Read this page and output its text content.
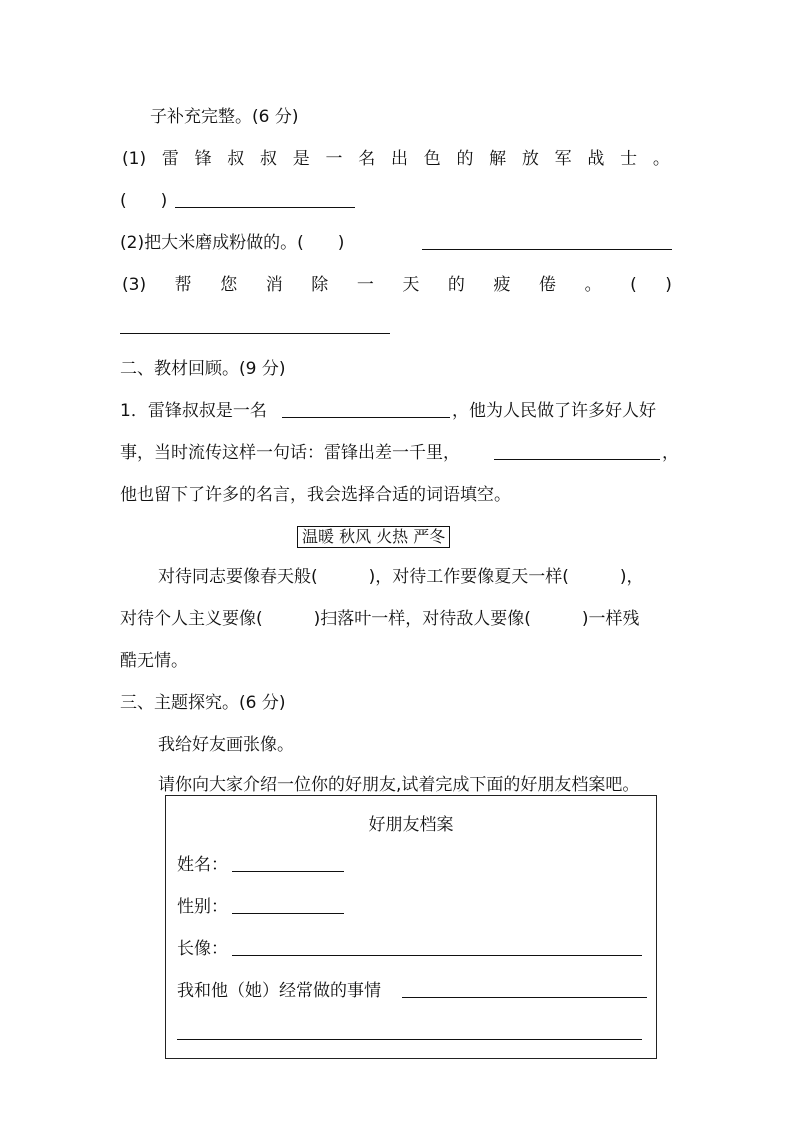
子补充完整。(6 分)
(1) 雷 锋 叔 叔 是 一 名 出 色 的 解 放 军 战 士 。
(　　)
(2)把大米磨成粉做的。(　　)
(3) 帮 您 消 除 一 天 的 疲 倦 。 ( )
二、教材回顾。(9 分)
1．雷锋叔叔是一名	，他为人民做了许多好人好
事，当时流传这样一句话：雷锋出差一千里，	，
他也留下了许多的名言，我会选择合适的词语填空。
温暖 秋风 火热 严冬
对待同志要像春天般(　　　)，对待工作要像夏天一样(　　　)，
对待个人主义要像(　　　)扫落叶一样，对待敌人要像(　　　)一样残
酷无情。
三、主题探究。(6 分)
我给好友画张像。
请你向大家介绍一位你的好朋友,试着完成下面的好朋友档案吧。
好朋友档案
姓名：
性别：
长像：
我和他（她）经常做的事情
